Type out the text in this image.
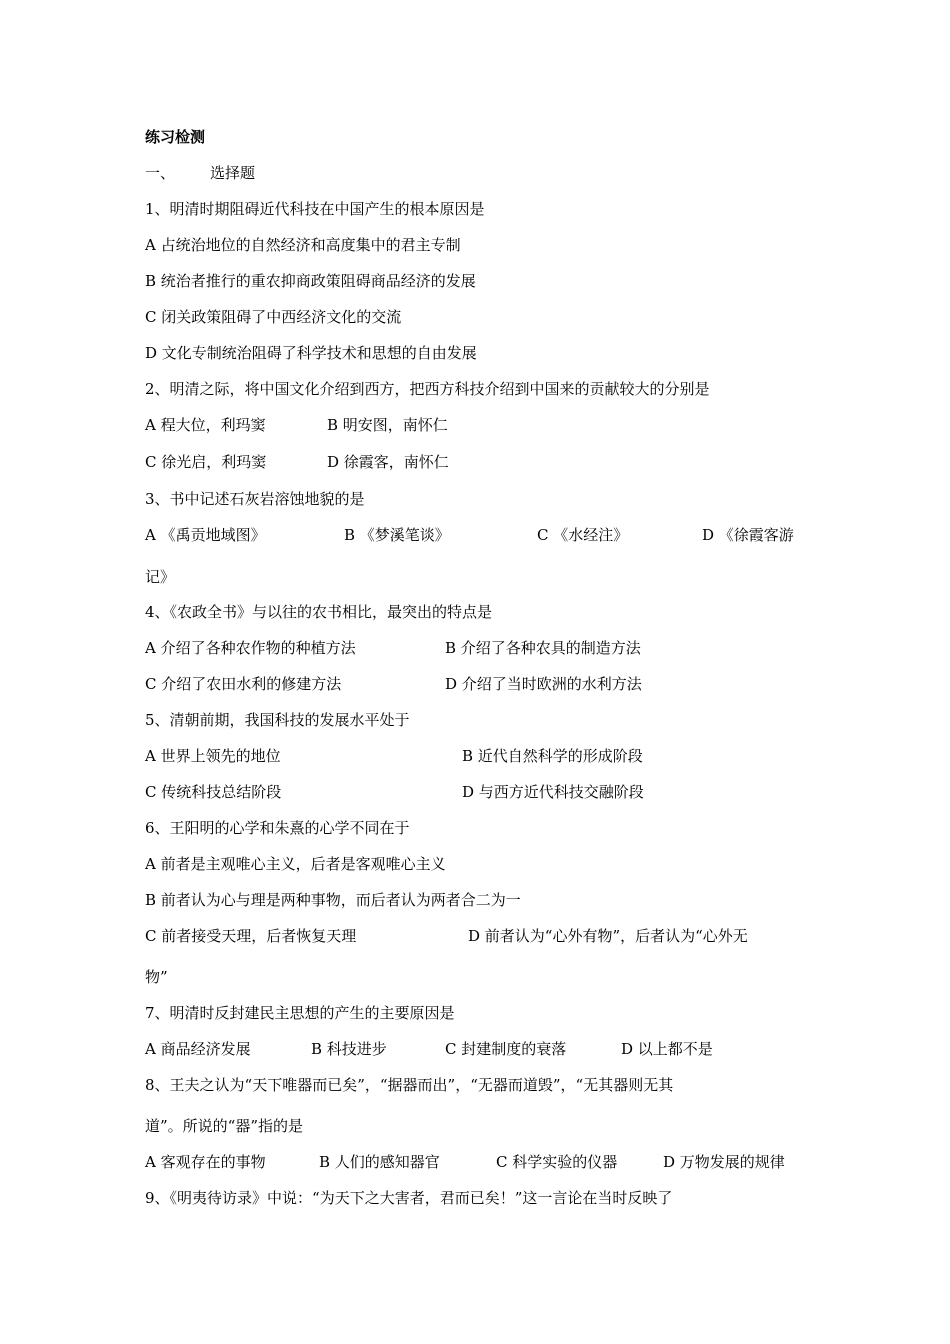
练习检测
一、 选择题
1、明清时期阻碍近代科技在中国产生的根本原因是
A 占统治地位的自然经济和高度集中的君主专制
B 统治者推行的重农抑商政策阻碍商品经济的发展
C 闭关政策阻碍了中西经济文化的交流
D 文化专制统治阻碍了科学技术和思想的自由发展
2、明清之际，将中国文化介绍到西方，把西方科技介绍到中国来的贡献较大的分别是
A 程大位，利玛窦	B 明安图，南怀仁
C 徐光启，利玛窦	D 徐霞客，南怀仁
3、书中记述石灰岩溶蚀地貌的是
A 《禹贡地域图》	B 《梦溪笔谈》	C 《水经注》	D 《徐霞客游
记》
4、《农政全书》与以往的农书相比，最突出的特点是
A 介绍了各种农作物的种植方法	B 介绍了各种农具的制造方法
C 介绍了农田水利的修建方法	D 介绍了当时欧洲的水利方法
5、清朝前期，我国科技的发展水平处于
A 世界上领先的地位	B 近代自然科学的形成阶段
C 传统科技总结阶段	D 与西方近代科技交融阶段
6、王阳明的心学和朱熹的心学不同在于
A 前者是主观唯心主义，后者是客观唯心主义
B 前者认为心与理是两种事物，而后者认为两者合二为一
C 前者接受天理，后者恢复天理	D 前者认为“心外有物”，后者认为“心外无
物”
7、明清时反封建民主思想的产生的主要原因是
A 商品经济发展	B 科技进步	C 封建制度的衰落	D 以上都不是
8、王夫之认为“天下唯器而已矣”，“据器而出”，“无器而道毁”，“无其器则无其
道”。所说的“器”指的是
A 客观存在的事物	B 人们的感知器官	C 科学实验的仪器	D 万物发展的规律
9、《明夷待访录》中说：“为天下之大害者，君而已矣！”这一言论在当时反映了
